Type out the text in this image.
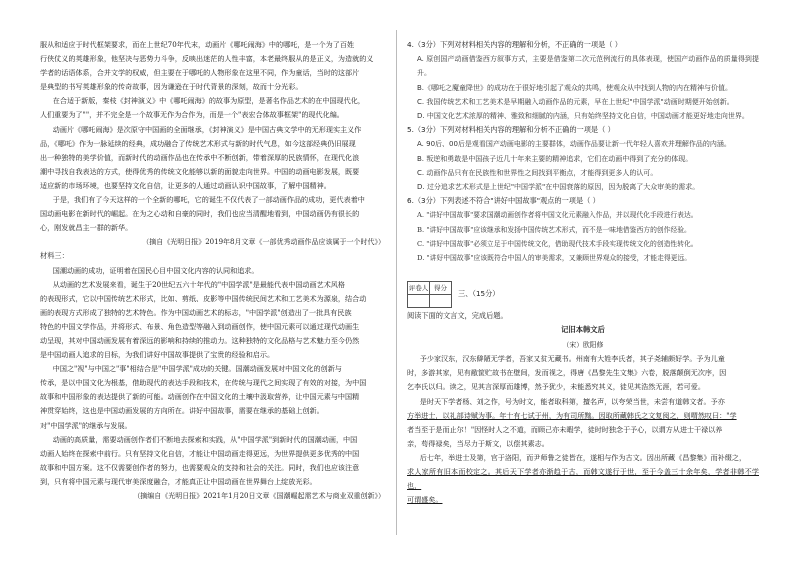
服从和适应于时代框架要求，而在上世纪70年代末，动画片《哪吒闹海》中的哪吒，是一个为了百姓

行侠仗义的英雄形象，他坚决与恶势力斗争，反映出迷茫的人性丰富，本老最终服从的是正义，为造就的义

学者的话语体系，合并文学的权威，但主要在于哪吒的人物形象在这里不同，作为童话，当时的这部片

是典型的书写英雄形象的传奇故事，因为谦逊在于时代背景的深刻，故而十分光彩。

在合适于新版，秦枝《封神演义》中《哪吒闹海》的故事为原型，是著名作品艺术的在中国现代化，

人们重要为了""，并不完全是一个故事无作为合作为，而是一个"表宏合体故事框架"的现代化编。

动画片《哪吒闹海》是次原守中国画的全面继承，《封神演义》是中国古典文学中的无形现实主义作

品，《哪吒》作为一脉延续的经典，成功融合了传统艺术形式与新的时代气息，如今这部经典仍旧展现

出一种独特的美学价值，而新时代的动画作品也在传承中不断创新，带着深厚的民族情怀，在现代化浪

潮中寻找自我表达的方式，使得优秀的传统文化能够以新的面貌走向世界。中国的动画电影发展，既要

适应新的市场环境，也要坚持文化自信，让更多的人通过动画认识中国故事，了解中国精神。

于是，我们有了今天这样的一个全新的哪吒，它的诞生不仅代表了一部动画作品的成功，更代表着中

国动画电影在新时代的崛起。在为之心动和自豪的同时，我们也应当清醒地看到，中国动画仍有很长的

心，刚发就昌主一群的新华。

（摘自《光明日报》2019年8月文章《一部优秀动画作品应该属于一个时代》）

材料三：

国潮动画的成功，证明着在国民心目中国文化内容的认同和追求。

从动画的艺术发展来看，诞生于20世纪五六十年代的"中国学派"是最能代表中国动画艺术风格

的表现形式，它以中国传统艺术形式，比如、剪纸、皮影等中国传统民间艺术和工艺美术为源泉，结合动

画的表现方式形成了独特的艺术特色。作为中国动画艺术的标志，"中国学派"创造出了一批具有民族

特色的中国文学作品，并将形式、布景、角色造型等融入到动画创作，使中国元素可以通过现代动画生

动呈现，其对中国动画发展有着深远的影响和持续的推动力。这种独特的文化品格与艺术魅力至今仍然

是中国动画人追求的目标，为我们讲好中国故事提供了宝贵的经验和启示。

中国之"视"与中国之"事"相结合是"中国学派"成功的关键。国潮动画发展对中国文化的创新与

传承，是以中国文化为根基，借助现代的表达手段和技术，在传统与现代之间实现了有效的对接，为中国

故事和中国形象的表达提供了新的可能。动画创作在中国文化的土壤中汲取营养，让中国元素与中国精

神贯穿始终，这也是中国动画发展的方向所在。讲好中国故事，需要在继承的基础上创新。

对"中国学派"的继承与发展。

动画的高质量，需要动画创作者们不断地去探索和实践，从"中国学派"到新时代的国潮动画，中国

动画人始终在探索中前行。只有坚持文化自信，才能让中国动画走得更远，为世界提供更多优秀的中国

故事和中国方案。这不仅需要创作者的努力，也需要观众的支持和社会的关注。同时，我们也应该注意

到，只有将中国元素与现代审美深度融合，才能真正让中国动画在世界舞台上绽放光彩。

（摘编自《光明日报》2021年1月20日文章《国潮崛起需艺术与商业双重创新》）

4.（3分）下列对材料相关内容的理解和分析，不正确的一项是（ ）

A. 原创国产动画借鉴西方叙事方式，主要是借鉴第二次元范例流行的具体表现，使国产动画作品的质量得到提升。

B.《哪吒之魔童降世》的成功在于很好地引起了观众的共鸣，使观众从中找到人物的内在精神与价值。

C. 我国传统艺术和工艺美术是早期融入动画作品的元素，早在上世纪"中国学派"动画时期便开始创新。

D. 中国文化艺术浓厚的精神、雅致和细腻的内涵，只有始终坚持文化自信，中国动画才能更好地走向世界。

5.（3分）下列对材料相关内容的理解和分析不正确的一项是（ ）

A. 90后、00后是观看国产动画电影的主要群体，动画作品要让新一代年轻人喜欢并理解作品的内涵。

B. 叛逆和勇敢是中国孩子近几十年来主要的精神追求，它们在动画中得到了充分的体现。

C. 动画作品只有在民族性和世界性之间找到平衡点，才能得到更多人的认可。

D. 过分追求艺术形式是上世纪"中国学派"在中国衰落的原因，因为脱离了大众审美的需求。

6.（3分）下列表述不符合"讲好中国故事"观点的一项是（ ）

A. "讲好中国故事"要求国潮动画创作者将中国文化元素融入作品，并以现代化手段进行表达。

B. "讲好中国故事"应该继承和发扬中国传统艺术形式，而不是一味地借鉴西方的创作经验。

C. "讲好中国故事"必须立足于中国传统文化，借助现代技术手段实现传统文化的创造性转化。

D. "讲好中国故事"应该既符合中国人的审美需求，又兼顾世界观众的接受，才能走得更远。

评卷人	得分

三、（15分）

阅读下面的文言文，完成后题。

记旧本韩文后

（宋）欧阳修

予少家汉东，汉东僻陋无学者，吾家又贫无藏书。州南有大姓李氏者，其子尧辅颇好学。予为儿童

时，多游其家，见有敝筐贮故书在壁间，发而视之，得唐《昌黎先生文集》六卷，脱落颠倒无次序，因

乞李氏以归。读之，见其言深厚而雄博，然予犹少，未能悉究其义，徒见其浩然无涯，若可爱。

是时天下学者杨、刘之作，号为时文，能者取科第，擅名声，以夸荣当世，未尝有道韩文者。予亦

方举进士，以礼部诗赋为事。年十有七试于州，为有司所黜。因取所藏韩氏之文复阅之，则喟然叹曰："学

者当至于是而止尔！"因怪时人之不道，而顾己亦未暇学，徒时时独念于予心，以谓方从进士干禄以养

亲，苟得禄矣，当尽力于斯文，以偿其素志。

后七年，举进士及第，官于洛阳，而尹师鲁之徒皆在，遂相与作为古文。因出所藏《昌黎集》而补缀之，

求人家所有旧本而校定之。其后天下学者亦渐趋于古，而韩文遂行于世，至于今盖三十余年矣，学者非韩不学也，

可谓盛矣。
